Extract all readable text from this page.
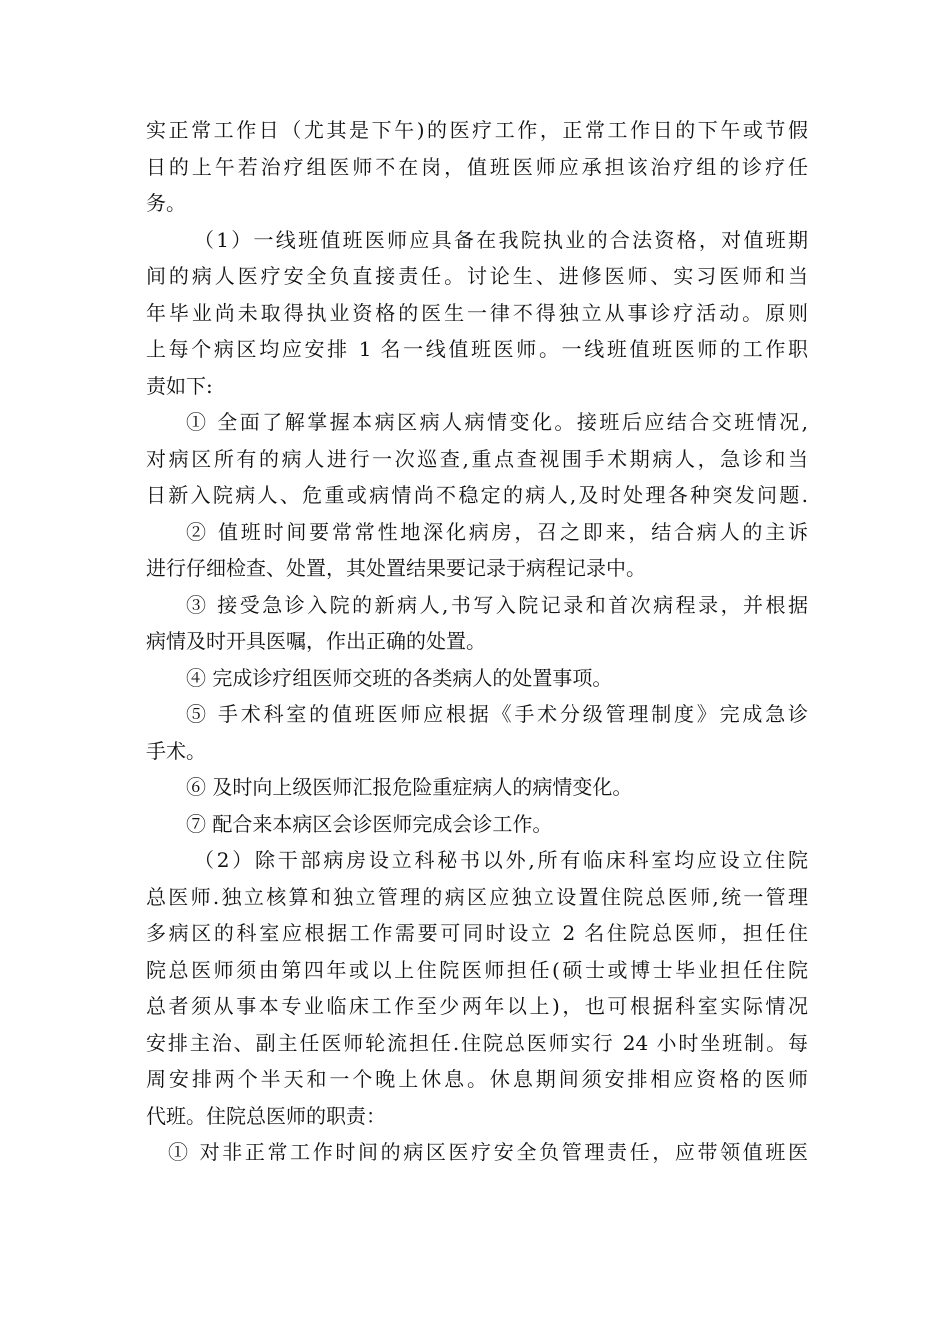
实正常工作日（尤其是下午)的医疗工作，正常工作日的下午或节假
日的上午若治疗组医师不在岗，值班医师应承担该治疗组的诊疗任
务。
（1）一线班值班医师应具备在我院执业的合法资格，对值班期
间的病人医疗安全负直接责任。讨论生、进修医师、实习医师和当
年毕业尚未取得执业资格的医生一律不得独立从事诊疗活动。原则
上每个病区均应安排 1 名一线值班医师。一线班值班医师的工作职
责如下:
① 全面了解掌握本病区病人病情变化。接班后应结合交班情况,
对病区所有的病人进行一次巡查,重点查视围手术期病人，急诊和当
日新入院病人、危重或病情尚不稳定的病人,及时处理各种突发问题.
② 值班时间要常常性地深化病房，召之即来，结合病人的主诉
进行仔细检查、处置，其处置结果要记录于病程记录中。
③ 接受急诊入院的新病人,书写入院记录和首次病程录，并根据
病情及时开具医嘱，作出正确的处置。
④ 完成诊疗组医师交班的各类病人的处置事项。
⑤ 手术科室的值班医师应根据《手术分级管理制度》完成急诊
手术。
⑥ 及时向上级医师汇报危险重症病人的病情变化。
⑦ 配合来本病区会诊医师完成会诊工作。
（2）除干部病房设立科秘书以外,所有临床科室均应设立住院
总医师.独立核算和独立管理的病区应独立设置住院总医师,统一管理
多病区的科室应根据工作需要可同时设立 2 名住院总医师，担任住
院总医师须由第四年或以上住院医师担任(硕士或博士毕业担任住院
总者须从事本专业临床工作至少两年以上)，也可根据科室实际情况
安排主治、副主任医师轮流担任.住院总医师实行 24 小时坐班制。每
周安排两个半天和一个晚上休息。休息期间须安排相应资格的医师
代班。住院总医师的职责：
① 对非正常工作时间的病区医疗安全负管理责任，应带领值班医
